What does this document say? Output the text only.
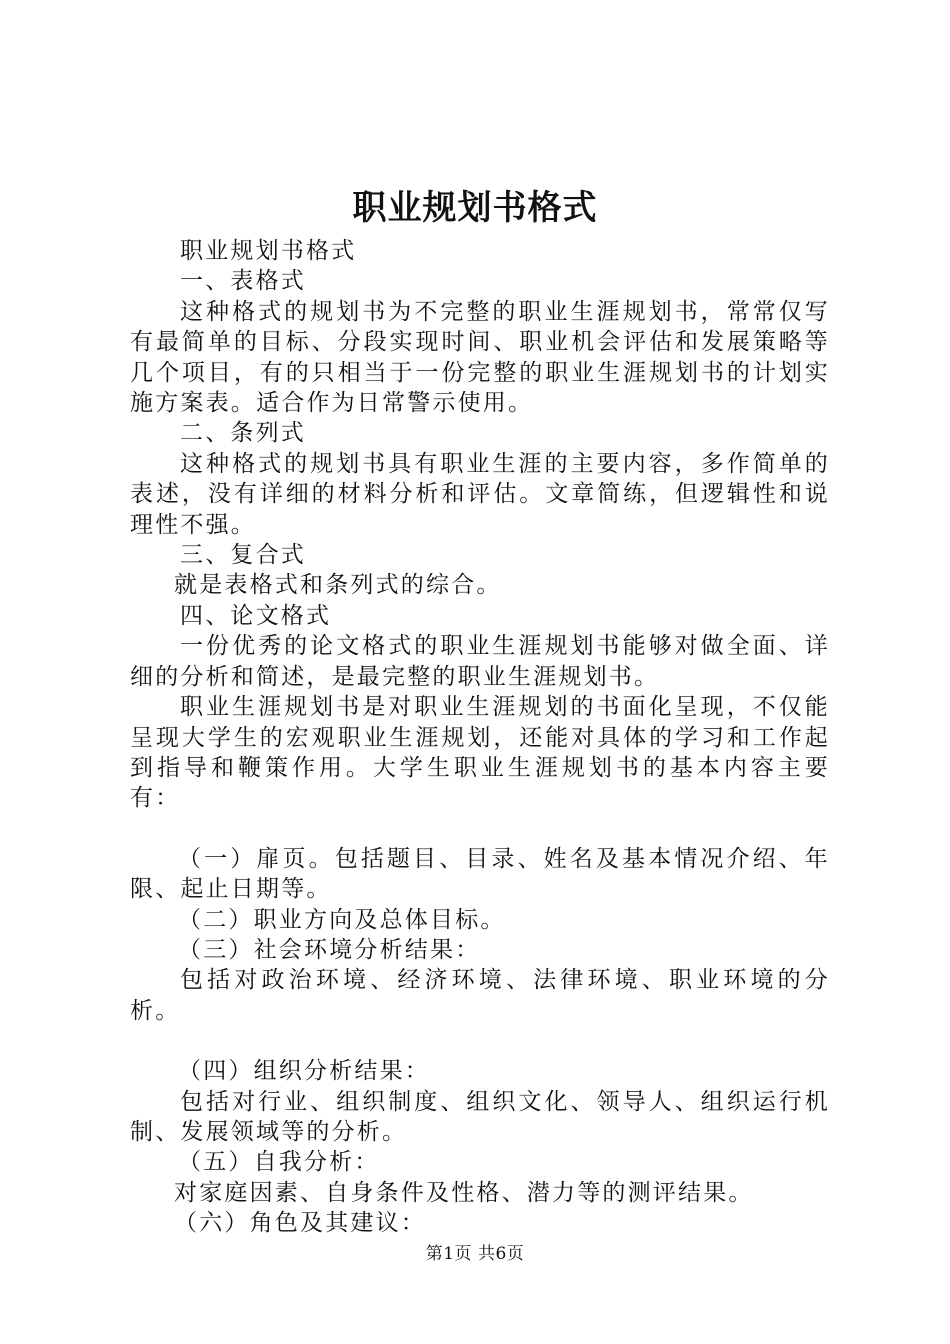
职业规划书格式

职业规划书格式

一、表格式

这种格式的规划书为不完整的职业生涯规划书，常常仅写有最简单的目标、分段实现时间、职业机会评估和发展策略等几个项目，有的只相当于一份完整的职业生涯规划书的计划实施方案表。适合作为日常警示使用。

二、条列式

这种格式的规划书具有职业生涯的主要内容，多作简单的表述，没有详细的材料分析和评估。文章简练，但逻辑性和说理性不强。

三、复合式

就是表格式和条列式的综合。

四、论文格式

一份优秀的论文格式的职业生涯规划书能够对做全面、详细的分析和简述，是最完整的职业生涯规划书。

职业生涯规划书是对职业生涯规划的书面化呈现，不仅能呈现大学生的宏观职业生涯规划，还能对具体的学习和工作起到指导和鞭策作用。大学生职业生涯规划书的基本内容主要有：

（一）扉页。包括题目、目录、姓名及基本情况介绍、年限、起止日期等。

（二）职业方向及总体目标。

（三）社会环境分析结果：

包括对政治环境、经济环境、法律环境、职业环境的分析。

（四）组织分析结果：

包括对行业、组织制度、组织文化、领导人、组织运行机制、发展领域等的分析。

（五）自我分析：

对家庭因素、自身条件及性格、潜力等的测评结果。

（六）角色及其建议：

第1页 共6页
